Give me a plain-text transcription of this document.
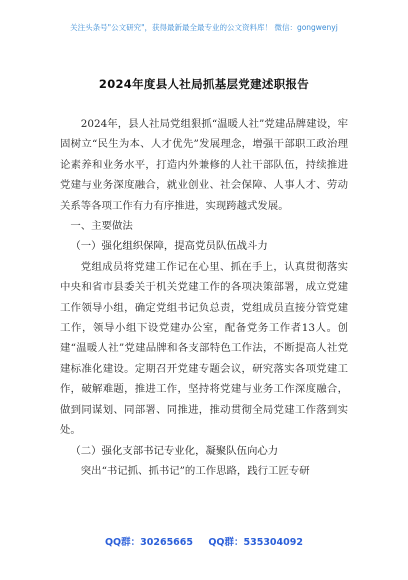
关注头条号"公文研究"，获得最新最全最专业的公文资料库！ 微信：gongwenyj
2024年度县人社局抓基层党建述职报告

2024年，县人社局党组狠抓“温暖人社”党建品牌建设，牢固树立“民生为本、人才优先”发展理念，增强干部职工政治理论素养和业务水平，打造内外兼修的人社干部队伍，持续推进党建与业务深度融合，就业创业、社会保障、人事人才、劳动关系等各项工作有力有序推进，实现跨越式发展。

一、主要做法

（一）强化组织保障，提高党员队伍战斗力

党组成员将党建工作记在心里、抓在手上，认真贯彻落实中央和省市县委关于机关党建工作的各项决策部署，成立党建工作领导小组，确定党组书记负总责，党组成员直接分管党建工作，领导小组下设党建办公室，配备党务工作者13人。创建“温暖人社”党建品牌和各支部特色工作法，不断提高人社党建标准化建设。定期召开党建专题会议，研究落实各项党建工作，破解难题，推进工作，坚持将党建与业务工作深度融合，做到同谋划、同部署、同推进，推动贯彻全局党建工作落到实处。

（二）强化支部书记专业化，凝聚队伍向心力

突出“书记抓、抓书记”的工作思路，践行工匠专研

QQ群：30265665 QQ群：535304092
